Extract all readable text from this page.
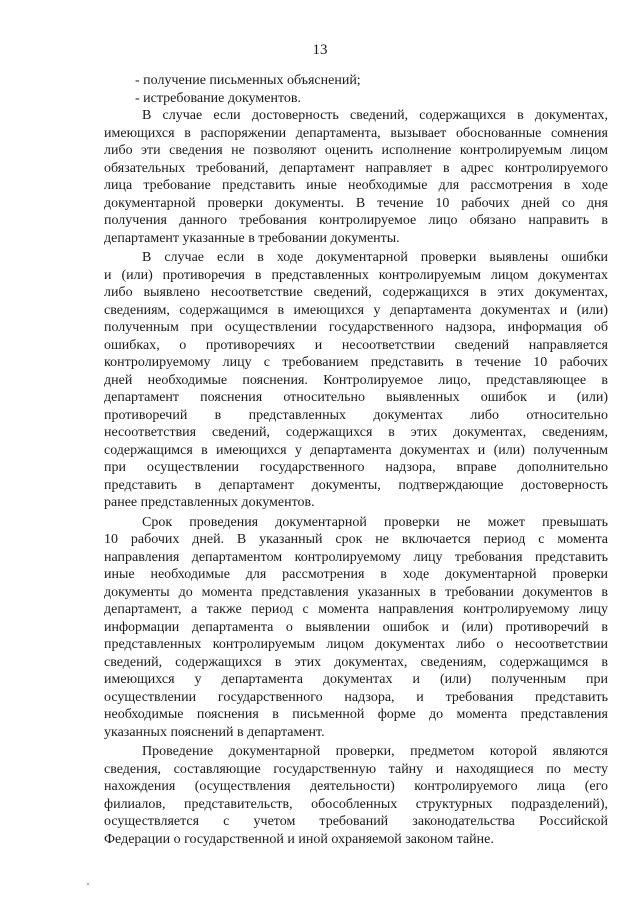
13
- получение письменных объяснений;
- истребование документов.
В случае если достоверность сведений, содержащихся в документах,
имеющихся в распоряжении департамента, вызывает обоснованные сомнения
либо эти сведения не позволяют оценить исполнение контролируемым лицом
обязательных требований, департамент направляет в адрес контролируемого
лица требование представить иные необходимые для рассмотрения в ходе
документарной проверки документы. В течение 10 рабочих дней со дня
получения данного требования контролируемое лицо обязано направить в
департамент указанные в требовании документы.
В случае если в ходе документарной проверки выявлены ошибки
и (или) противоречия в представленных контролируемым лицом документах
либо выявлено несоответствие сведений, содержащихся в этих документах,
сведениям, содержащимся в имеющихся у департамента документах и (или)
полученным при осуществлении государственного надзора, информация об
ошибках, о противоречиях и несоответствии сведений направляется
контролируемому лицу с требованием представить в течение 10 рабочих
дней необходимые пояснения. Контролируемое лицо, представляющее в
департамент пояснения относительно выявленных ошибок и (или)
противоречий в представленных документах либо относительно
несоответствия сведений, содержащихся в этих документах, сведениям,
содержащимся в имеющихся у департамента документах и (или) полученным
при осуществлении государственного надзора, вправе дополнительно
представить в департамент документы, подтверждающие достоверность
ранее представленных документов.
Срок проведения документарной проверки не может превышать
10 рабочих дней. В указанный срок не включается период с момента
направления департаментом контролируемому лицу требования представить
иные необходимые для рассмотрения в ходе документарной проверки
документы до момента представления указанных в требовании документов в
департамент, а также период с момента направления контролируемому лицу
информации департамента о выявлении ошибок и (или) противоречий в
представленных контролируемым лицом документах либо о несоответствии
сведений, содержащихся в этих документах, сведениям, содержащимся в
имеющихся у департамента документах и (или) полученным при
осуществлении государственного надзора, и требования представить
необходимые пояснения в письменной форме до момента представления
указанных пояснений в департамент.
Проведение документарной проверки, предметом которой являются
сведения, составляющие государственную тайну и находящиеся по месту
нахождения (осуществления деятельности) контролируемого лица (его
филиалов, представительств, обособленных структурных подразделений),
осуществляется с учетом требований законодательства Российской
Федерации о государственной и иной охраняемой законом тайне.
